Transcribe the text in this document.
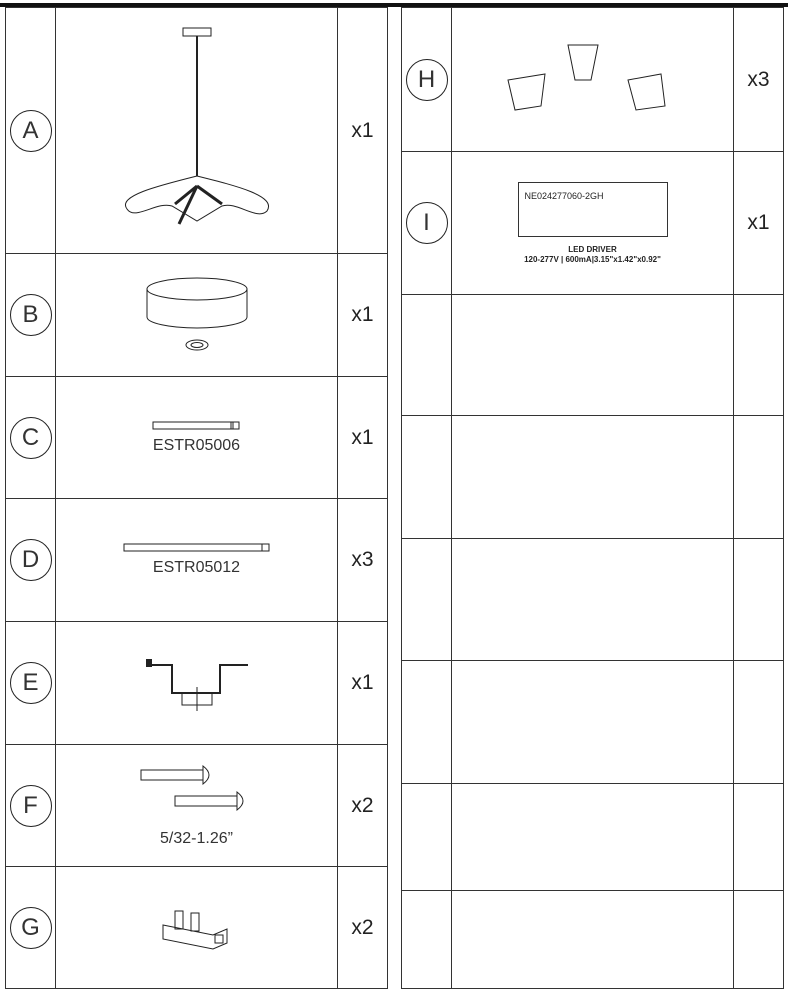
A		x1
B		x1
C	ESTR05006	x1
D	ESTR05012	x3
E		x1
F	5/32-1.26”	x2
G		x2
H		x3
I	NE024277060-2GH
LED DRIVER
120-277V | 600mA|3.15"x1.42"x0.92"	x1
